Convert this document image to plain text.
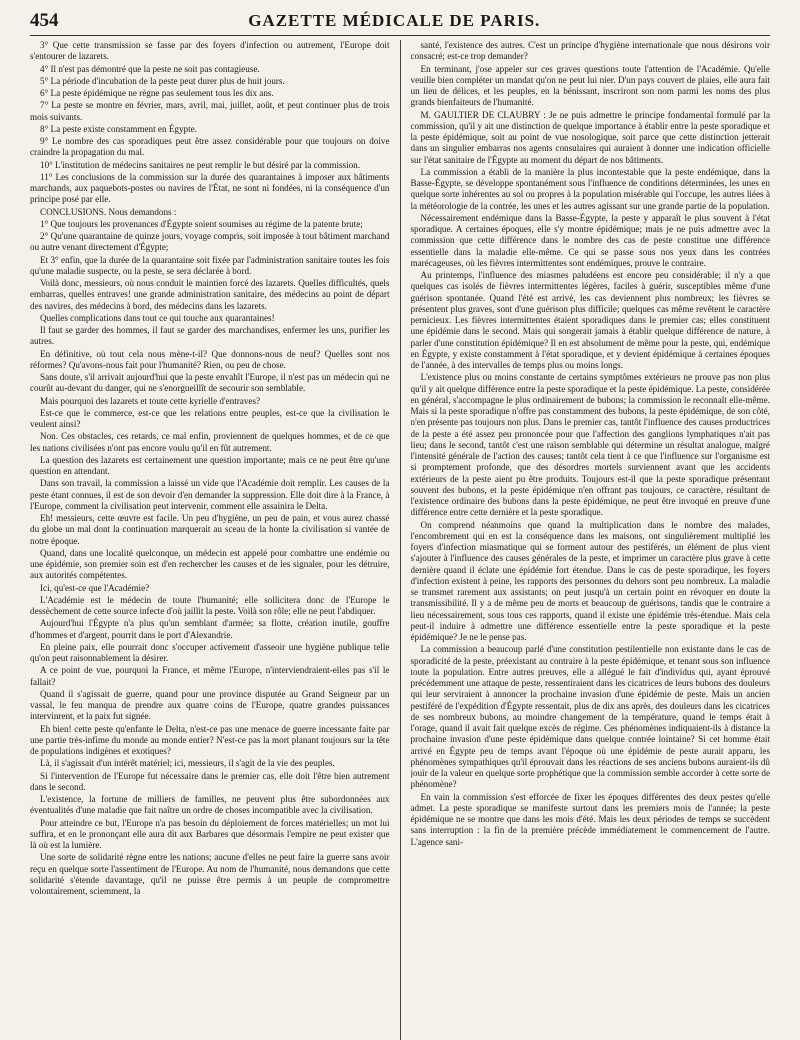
454	GAZETTE MÉDICALE DE PARIS.

3° Que cette transmission se fasse par des foyers d'infection ou autrement, l'Europe doit s'entourer de lazarets.

4° Il n'est pas démontré que la peste ne soit pas contagieuse.

5° La période d'incubation de la peste peut durer plus de huit jours.

6° La peste épidémique ne règne pas seulement tous les dix ans.

7° La peste se montre en février, mars, avril, mai, juillet, août, et peut continuer plus de trois mois suivants.

8° La peste existe constamment en Égypte.

9° Le nombre des cas sporadiques peut être assez considérable pour que toujours on doive craindre la propagation du mal.

10° L'institution de médecins sanitaires ne peut remplir le but désiré par la commission.

11° Les conclusions de la commission sur la durée des quarantaines à imposer aux bâtiments marchands, aux paquebots-postes ou navires de l'État, ne sont ni fondées, ni la conséquence d'un principe posé par elle.

CONCLUSIONS. Nous demandons :

1° Que toujours les provenances d'Égypte soient soumises au régime de la patente brute;

2° Qu'une quarantaine de quinze jours, voyage compris, soit imposée à tout bâtiment marchand ou autre venant directement d'Égypte;

Et 3° enfin, que la durée de la quarantaine soit fixée par l'administration sanitaire toutes les fois qu'une maladie suspecte, ou la peste, se sera déclarée à bord.

Voilà donc, messieurs, où nous conduit le maintien forcé des lazarets. Quelles difficultés, quels embarras, quelles entraves! une grande administration sanitaire, des médecins au point de départ des navires, des médecins à bord, des médecins dans les lazarets.

Quelles complications dans tout ce qui touche aux quarantaines!

Il faut se garder des hommes, il faut se garder des marchandises, enfermer les uns, purifier les autres.

En définitive, où tout cela nous mène-t-il? Que donnons-nous de neuf? Quelles sont nos réformes? Qu'avons-nous fait pour l'humanité? Rien, ou peu de chose.

Sans doute, s'il arrivait aujourd'hui que la peste envahît l'Europe, il n'est pas un médecin qui ne courût au-devant du danger, qui ne s'enorgueillît de secourir son semblable.

Mais pourquoi des lazarets et toute cette kyrielle d'entraves?

Est-ce que le commerce, est-ce que les relations entre peuples, est-ce que la civilisation le veulent ainsi?

Non. Ces obstacles, ces retards, ce mal enfin, proviennent de quelques hommes, et de ce que les nations civilisées n'ont pas encore voulu qu'il en fût autrement.

La question des lazarets est certainement une question importante; mais ce ne peut être qu'une question en attendant.

Dans son travail, la commission a laissé un vide que l'Académie doit remplir. Les causes de la peste étant connues, il est de son devoir d'en demander la suppression. Elle doit dire à la France, à l'Europe, comment la civilisation peut intervenir, comment elle assainira le Delta.

Eh! messieurs, cette œuvre est facile. Un peu d'hygiène, un peu de pain, et vous aurez chassé du globe un mal dont la continuation marquerait au sceau de la honte la civilisation si vantée de notre époque.

Quand, dans une localité quelconque, un médecin est appelé pour combattre une endémie ou une épidémie, son premier soin est d'en rechercher les causes et de les signaler, pour les détruire, aux autorités compétentes.

Ici, qu'est-ce que l'Académie?

L'Académie est le médecin de toute l'humanité; elle sollicitera donc de l'Europe le dessèchement de cette source infecte d'où jaillit la peste. Voilà son rôle; elle ne peut l'abdiquer.

Aujourd'hui l'Égypte n'a plus qu'un semblant d'armée; sa flotte, création inutile, gouffre d'hommes et d'argent, pourrit dans le port d'Alexandrie.

En pleine paix, elle pourrait donc s'occuper activement d'asseoir une hygiène publique telle qu'on peut raisonnablement la désirer.

A ce point de vue, pourquoi la France, et même l'Europe, n'interviendraient-elles pas s'il le fallait?

Quand il s'agissait de guerre, quand pour une province disputée au Grand Seigneur par un vassal, le feu manqua de prendre aux quatre coins de l'Europe, quatre grandes puissances intervinrent, et la paix fut signée.

Eh bien! cette peste qu'enfante le Delta, n'est-ce pas une menace de guerre incessante faite par une partie très-infime du monde au monde entier? N'est-ce pas la mort planant toujours sur la tête de populations indigènes et exotiques?

Là, il s'agissait d'un intérêt matériel; ici, messieurs, il s'agit de la vie des peuples.

Si l'intervention de l'Europe fut nécessaire dans le premier cas, elle doit l'être bien autrement dans le second.

L'existence, la fortune de milliers de familles, ne peuvent plus être subordonnées aux éventualités d'une maladie que fait naître un ordre de choses incompatible avec la civilisation.

Pour atteindre ce but, l'Europe n'a pas besoin du déploiement de forces matérielles; un mot lui suffira, et en le prononçant elle aura dit aux Barbares que désormais l'empire ne peut exister que là où est la lumière.

Une sorte de solidarité règne entre les nations; aucune d'elles ne peut faire la guerre sans avoir reçu en quelque sorte l'assentiment de l'Europe. Au nom de l'humanité, nous demandons que cette solidarité s'étende davantage, qu'il ne puisse être permis à un peuple de compromettre volontairement, sciemment, la

santé, l'existence des autres. C'est un principe d'hygiène internationale que nous désirons voir consacré; est-ce trop demander?

En terminant, j'ose appeler sur ces graves questions toute l'attention de l'Académie. Qu'elle veuille bien compléter un mandat qu'on ne peut lui nier. D'un pays couvert de plaies, elle aura fait un lieu de délices, et les peuples, en la bénissant, inscriront son nom parmi les noms des plus grands bienfaiteurs de l'humanité.

M. GAULTIER DE CLAUBRY : Je ne puis admettre le principe fondamental formulé par la commission, qu'il y ait une distinction de quelque importance à établir entre la peste sporadique et la peste épidémique, soit au point de vue nosologique, soit parce que cette distinction jetterait dans un singulier embarras nos agents consulaires qui auraient à donner une indication officielle sur l'état sanitaire de l'Égypte au moment du départ de nos bâtiments.

La commission a établi de la manière la plus incontestable que la peste endémique, dans la Basse-Égypte, se développe spontanément sous l'influence de conditions déterminées, les unes en quelque sorte inhérentes au sol ou propres à la population misérable qui l'occupe, les autres liées à la météorologie de la contrée, les unes et les autres agissant sur une grande partie de la population.

Nécessairement endémique dans la Basse-Égypte, la peste y apparaît le plus souvent à l'état sporadique. A certaines époques, elle s'y montre épidémique; mais je ne puis admettre avec la commission que cette différence dans le nombre des cas de peste constitue une différence essentielle dans la maladie elle-même. Ce qui se passe sous nos yeux dans les contrées marécageuses, où les fièvres intermittentes sont endémiques, prouve le contraire.

Au printemps, l'influence des miasmes paludéens est encore peu considérable; il n'y a que quelques cas isolés de fièvres intermittentes légères, faciles à guérir, susceptibles même d'une guérison spontanée. Quand l'été est arrivé, les cas deviennent plus nombreux; les fièvres se présentent plus graves, sont d'une guérison plus difficile; quelques cas même revêtent le caractère pernicieux. Les fièvres intermittentes étaient sporadiques dans le premier cas; elles constituent une épidémie dans le second. Mais qui songerait jamais à établir quelque différence de nature, à parler d'une constitution épidémique? Il en est absolument de même pour la peste, qui, endémique en Égypte, y existe constamment à l'état sporadique, et y devient épidémique à certaines époques de l'année, à des intervalles de temps plus ou moins longs.

L'existence plus ou moins constante de certains symptômes extérieurs ne prouve pas non plus qu'il y ait quelque différence entre la peste sporadique et la peste épidémique. La peste, considérée en général, s'accompagne le plus ordinairement de bubons; la commission le reconnaît elle-même. Mais si la peste sporadique n'offre pas constamment des bubons, la peste épidémique, de son côté, n'en présente pas toujours non plus. Dans le premier cas, tantôt l'influence des causes productrices de la peste a été assez peu prononcée pour que l'affection des ganglions lymphatiques n'ait pas lieu; dans le second, tantôt c'est une raison semblable qui détermine un résultat analogue, malgré l'intensité générale de l'action des causes; tantôt cela tient à ce que l'influence sur l'organisme est si promptement profonde, que des désordres mortels surviennent avant que les accidents extérieurs de la peste aient pu être produits. Toujours est-il que la peste sporadique présentant souvent des bubons, et la peste épidémique n'en offrant pas toujours, ce caractère, résultant de l'existence ordinaire des bubons dans la peste épidémique, ne peut être invoqué en preuve d'une différence entre cette dernière et la peste sporadique.

On comprend néanmoins que quand la multiplication dans le nombre des malades, l'encombrement qui en est la conséquence dans les maisons, ont singulièrement multiplié les foyers d'infection miasmatique qui se forment autour des pestiférés, un élément de plus vient s'ajouter à l'influence des causes générales de la peste, et imprimer un caractère plus grave à cette dernière quand il éclate une épidémie fort étendue. Dans le cas de peste sporadique, les foyers d'infection existent à peine, les rapports des personnes du dehors sont peu nombreux. La maladie se transmet rarement aux assistants; on peut jusqu'à un certain point en révoquer en doute la transmissibilité. Il y a de même peu de morts et beaucoup de guérisons, tandis que le contraire a lieu nécessairement, sous tous ces rapports, quand il existe une épidémie très-étendue. Mais cela peut-il induire à admettre une différence essentielle entre la peste sporadique et la peste épidémique? Je ne le pense pas.

La commission a beaucoup parlé d'une constitution pestilentielle non existante dans le cas de sporadicité de la peste, préexistant au contraire à la peste épidémique, et tenant sous son influence toute la population. Entre autres preuves, elle a allégué le fait d'individus qui, ayant éprouvé précédemment une attaque de peste, ressentiraient dans les cicatrices de leurs bubons des douleurs qui leur serviraient à annoncer la prochaine invasion d'une épidémie de peste. Mais un ancien pestiféré de l'expédition d'Égypte ressentait, plus de dix ans après, des douleurs dans les cicatrices de ses nombreux bubons, au moindre changement de la température, quand le temps était à l'orage, quand il avait fait quelque excès de régime. Ces phénomènes indiquaient-ils à distance la prochaine invasion d'une peste épidémique dans quelque contrée lointaine? Si cet homme était arrivé en Égypte peu de temps avant l'époque où une épidémie de peste aurait apparu, les phénomènes sympathiques qu'il éprouvait dans les réactions de ses anciens bubons auraient-ils dû jouir de la valeur en quelque sorte prophétique que la commission semble accorder à cette sorte de phénomène?

En vain la commission s'est efforcée de fixer les époques différentes des deux pestes qu'elle admet. La peste sporadique se manifeste surtout dans les premiers mois de l'année; la peste épidémique ne se montre que dans les mois d'été. Mais les deux périodes de temps se succèdent sans interruption : la fin de la première précède immédiatement le commencement de l'autre. L'agence sani-
